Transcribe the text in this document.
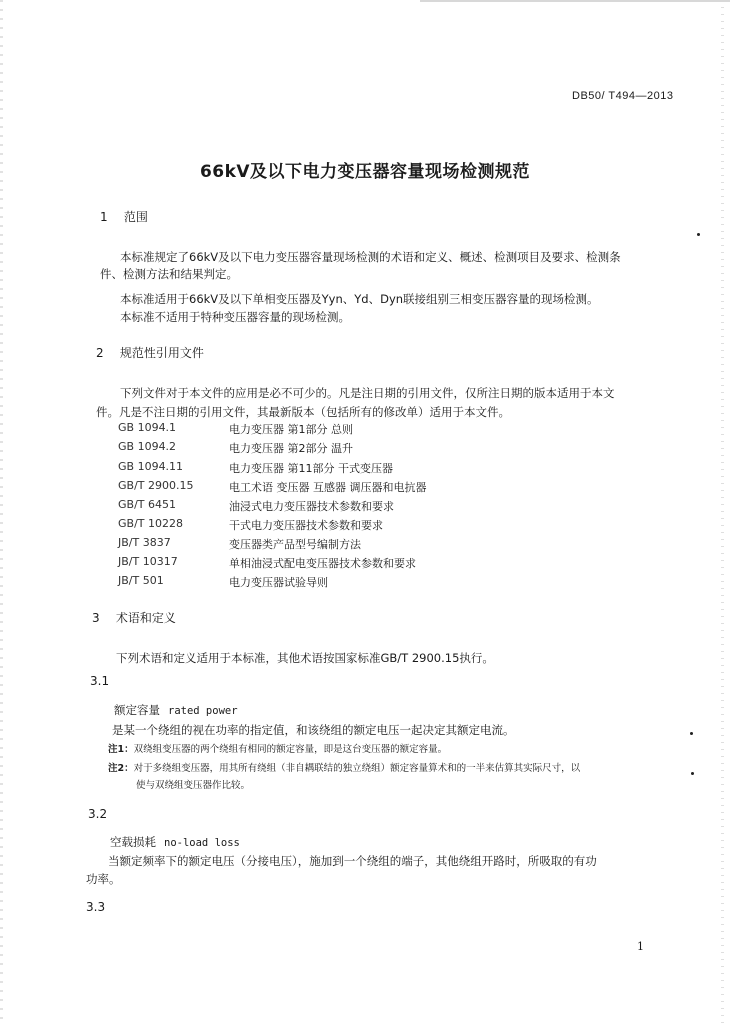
DB50/ T494—2013
66kV及以下电力变压器容量现场检测规范
1 范围
本标准规定了66kV及以下电力变压器容量现场检测的术语和定义、概述、检测项目及要求、检测条
件、检测方法和结果判定。
本标准适用于66kV及以下单相变压器及Yyn、Yd、Dyn联接组别三相变压器容量的现场检测。
本标准不适用于特种变压器容量的现场检测。
2 规范性引用文件
下列文件对于本文件的应用是必不可少的。凡是注日期的引用文件，仅所注日期的版本适用于本文
件。凡是不注日期的引用文件，其最新版本（包括所有的修改单）适用于本文件。
GB 1094.1	电力变压器 第1部分 总则
GB 1094.2	电力变压器 第2部分 温升
GB 1094.11	电力变压器 第11部分 干式变压器
GB/T 2900.15	电工术语 变压器 互感器 调压器和电抗器
GB/T 6451	油浸式电力变压器技术参数和要求
GB/T 10228	干式电力变压器技术参数和要求
JB/T 3837	变压器类产品型号编制方法
JB/T 10317	单相油浸式配电变压器技术参数和要求
JB/T 501	电力变压器试验导则
3 术语和定义
下列术语和定义适用于本标准，其他术语按国家标准GB/T 2900.15执行。
3.1
额定容量 rated power
是某一个绕组的视在功率的指定值，和该绕组的额定电压一起决定其额定电流。
注1：双绕组变压器的两个绕组有相同的额定容量，即是这台变压器的额定容量。
注2：对于多绕组变压器，用其所有绕组（非自耦联结的独立绕组）额定容量算术和的一半来估算其实际尺寸，以
使与双绕组变压器作比较。
3.2
空载损耗 no-load loss
当额定频率下的额定电压（分接电压），施加到一个绕组的端子，其他绕组开路时，所吸取的有功
功率。
3.3
1
